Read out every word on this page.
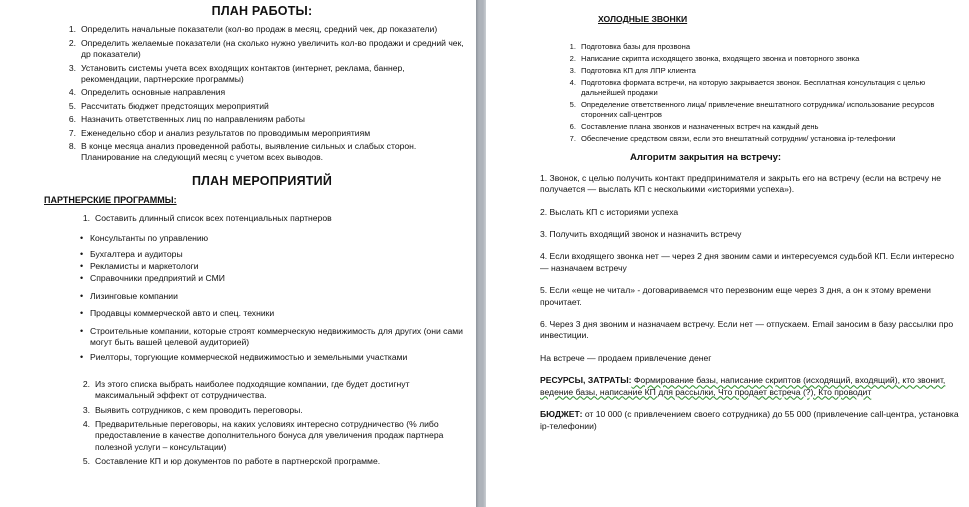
ПЛАН РАБОТЫ:
1. Определить начальные показатели (кол-во продаж в месяц, средний чек, др показатели)
2. Определить желаемые показатели (на сколько нужно увеличить кол-во продажи и средний чек, др показатели)
3. Установить системы учета всех входящих контактов (интернет, реклама, баннер, рекомендации, партнерские программы)
4. Определить основные направления
5. Рассчитать бюджет предстоящих мероприятий
6. Назначить ответственных лиц по направлениям работы
7. Еженедельно сбор и анализ результатов по проводимым мероприятиям
8. В конце месяца анализ проведенной работы, выявление сильных и слабых сторон. Планирование на следующий месяц с учетом всех выводов.
ПЛАН МЕРОПРИЯТИЙ
ПАРТНЕРСКИЕ ПРОГРАММЫ:
1. Составить длинный список всех потенциальных партнеров
• Консультанты по управлению
• Бухгалтера и аудиторы
• Рекламисты и маркетологи
• Справочники предприятий и СМИ
• Лизинговые компании
• Продавцы коммерческой авто и спец. техники
• Строительные компании, которые строят коммерческую недвижимость для других (они сами могут быть вашей целевой аудиторией)
• Риелторы, торгующие коммерческой недвижимостью и земельными участками
2. Из этого списка выбрать наиболее подходящие компании, где будет достигнут максимальный эффект от сотрудничества.
3. Выявить сотрудников, с кем проводить переговоры.
4. Предварительные переговоры, на каких условиях интересно сотрудничество (% либо предоставление в качестве дополнительного бонуса для увеличения продаж партнера полезной услуги – консультации)
5. Составление КП и юр документов по работе в партнерской программе.
ХОЛОДНЫЕ ЗВОНКИ
1. Подготовка базы для прозвона
2. Написание скрипта исходящего звонка, входящего звонка и повторного звонка
3. Подготовка КП для ЛПР клиента
4. Подготовка формата встречи, на которую закрывается звонок. Бесплатная консультация с целью дальнейшей продажи
5. Определение ответственного лица/ привлечение внештатного сотрудника/ использование ресурсов сторонних call-центров
6. Составление плана звонков и назначенных встреч на каждый день
7. Обеспечение средством связи, если это внештатный сотрудник/ установка ip-телефонии
Алгоритм закрытия на встречу:
1. Звонок, с целью получить контакт предпринимателя и закрыть его на встречу (если на встречу не получается — выслать КП с несколькими «историями успеха»).
2. Выслать КП с историями успеха
3. Получить входящий звонок и назначить встречу
4. Если входящего звонка нет — через 2 дня звоним сами и интересуемся судьбой КП. Если интересно — назначаем встречу
5. Если «еще не читал» - договариваемся что перезвоним еще через 3 дня, а он к этому времени прочитает.
6. Через 3 дня звоним и назначаем встречу. Если нет — отпускаем. Email заносим в базу рассылки про инвестиции.
На встрече — продаем привлечение денег
РЕСУРСЫ, ЗАТРАТЫ: Формирование базы, написание скриптов (исходящий, входящий), кто звонит, ведение базы, написание КП для рассылки, Что продает встреча (?), Кто проводит
БЮДЖЕТ: от 10 000 (с привлечением своего сотрудника) до 55 000 (привлечение call-центра, установка ip-телефонии)
